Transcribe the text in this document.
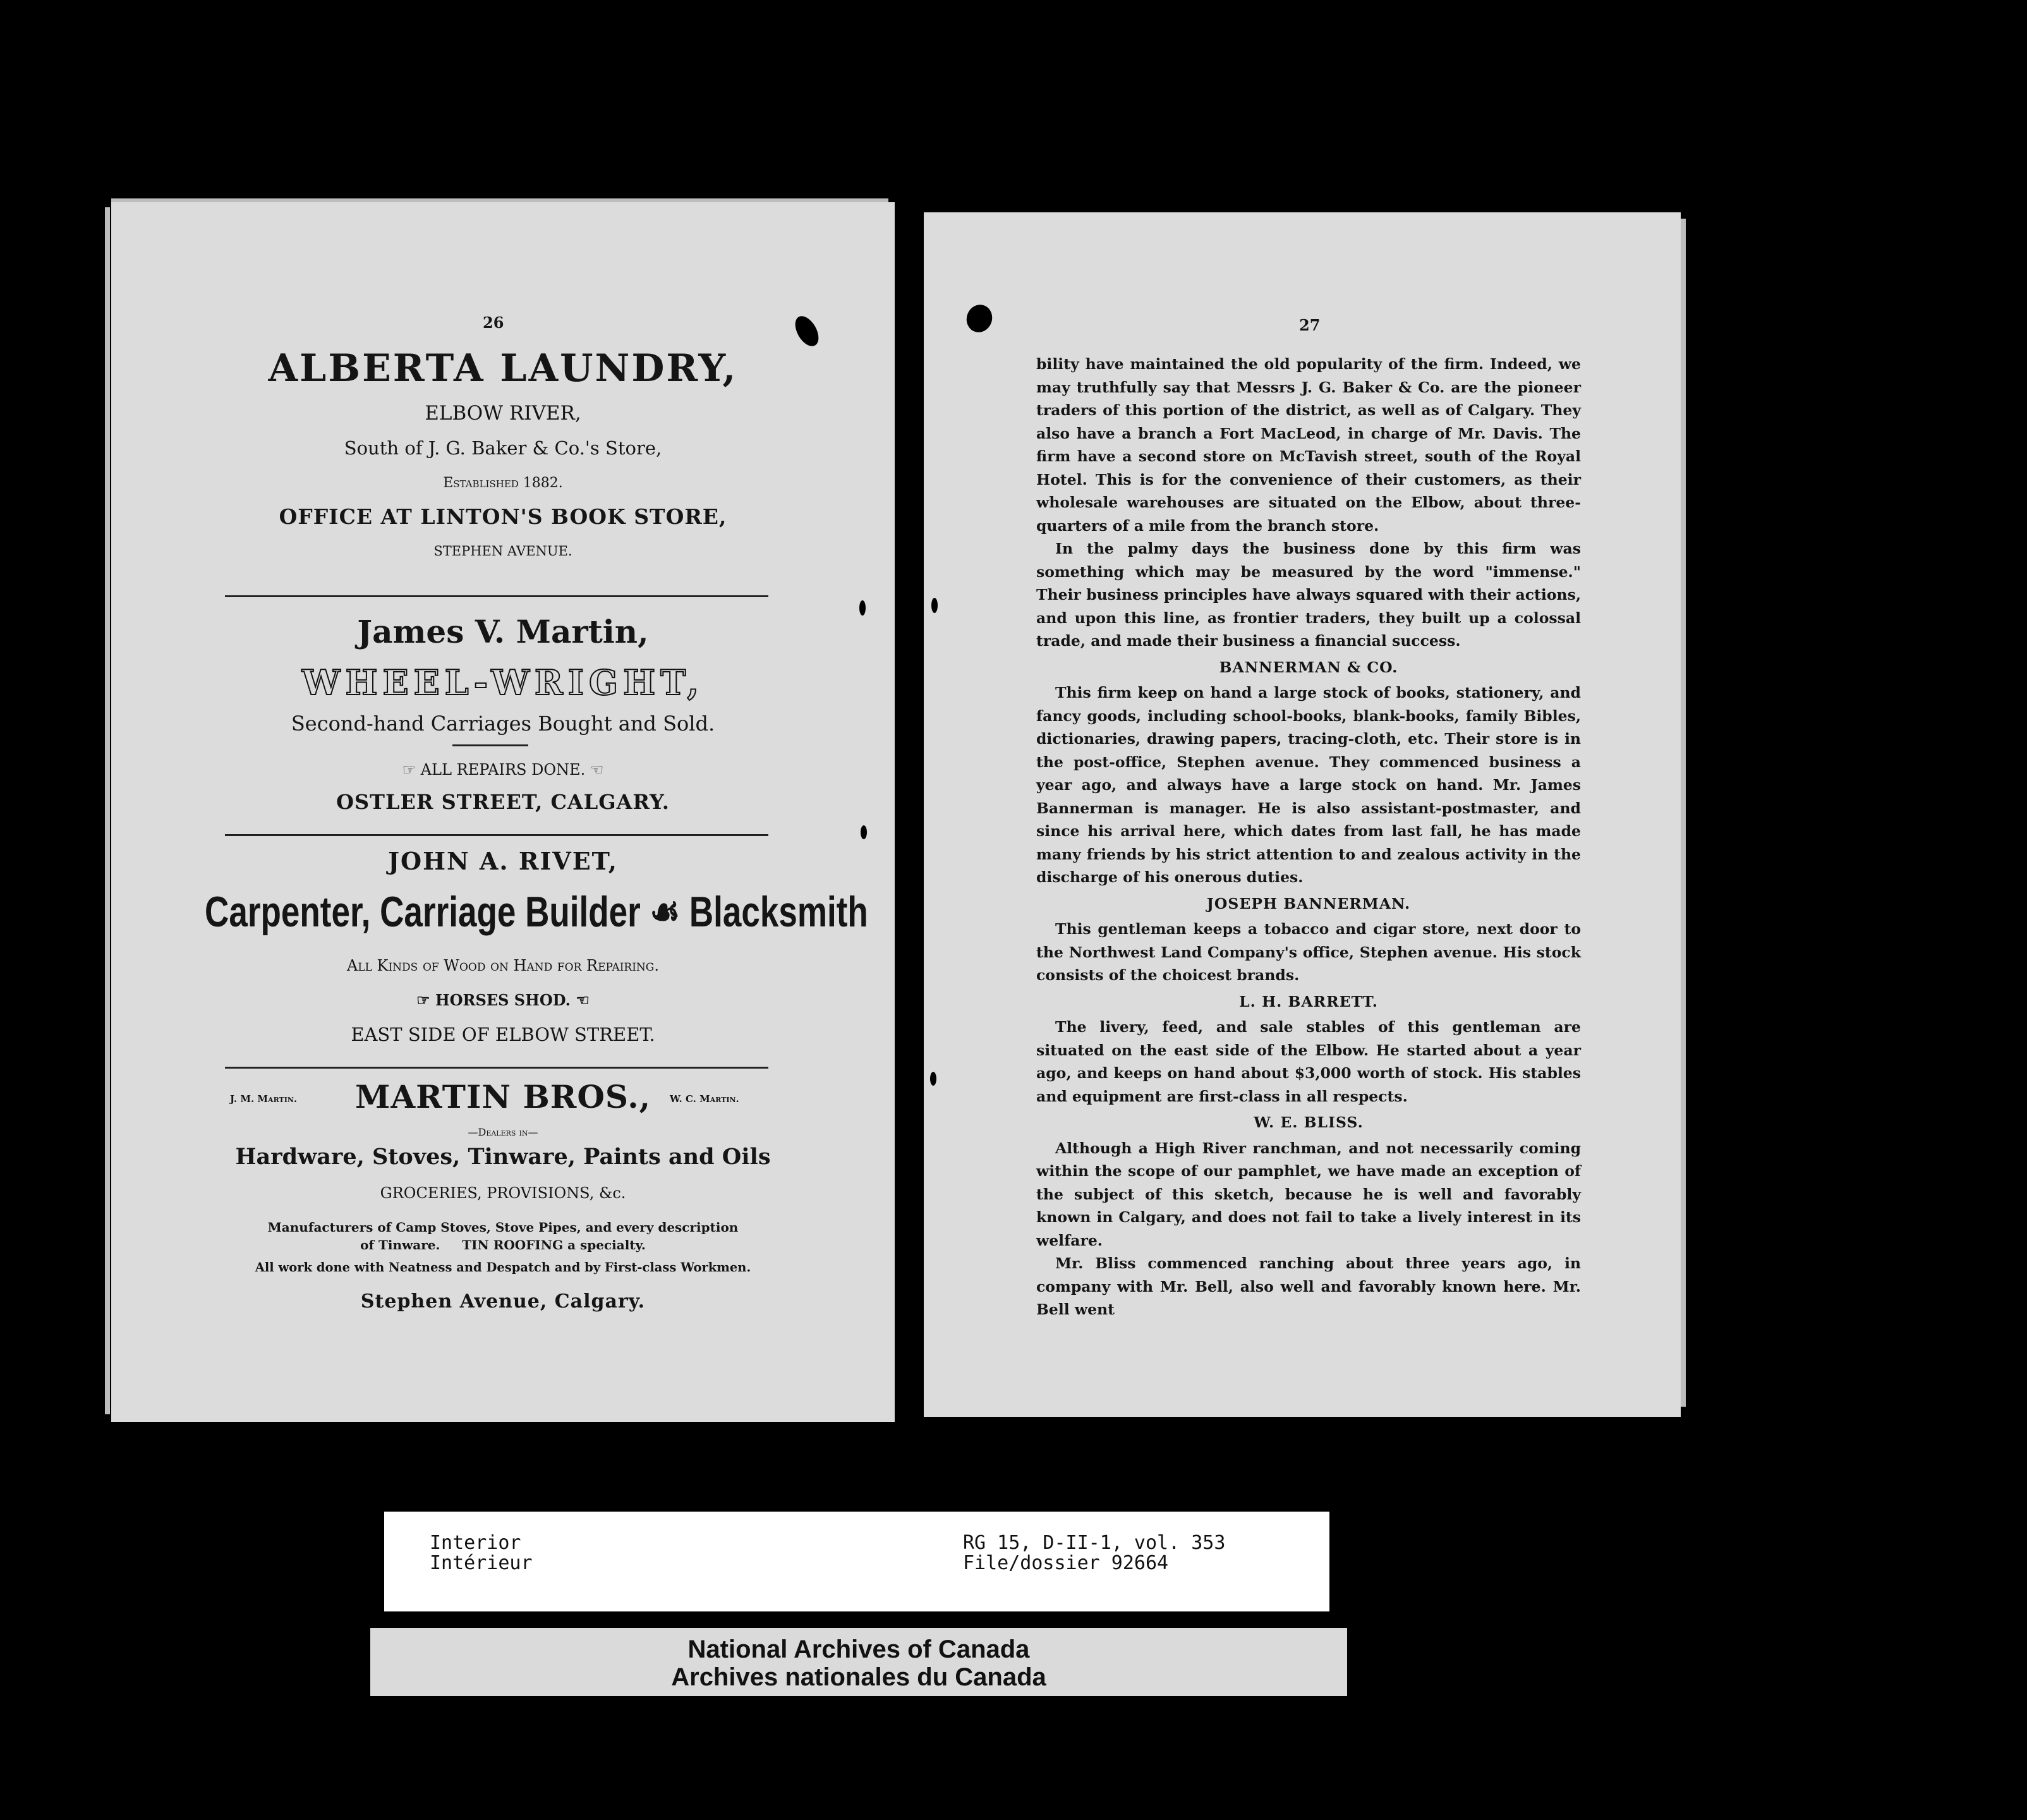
26
ALBERTA LAUNDRY,
ELBOW RIVER,
South of J. G. Baker & Co.'s Store,
Established 1882.
OFFICE AT LINTON'S BOOK STORE,
STEPHEN AVENUE.
James V. Martin,
WHEEL-WRIGHT,
Second-hand Carriages Bought and Sold.
☞ ALL REPAIRS DONE. ☜
OSTLER STREET, CALGARY.
JOHN A. RIVET,
Carpenter, Carriage Builder ☙ Blacksmith
All Kinds of Wood on Hand for Repairing.
☞ HORSES SHOD. ☜
EAST SIDE OF ELBOW STREET.
J. M. Martin.	MARTIN BROS.,	W. C. Martin.
—Dealers in—
Hardware, Stoves, Tinware, Paints and Oils
GROCERIES, PROVISIONS, &c.
Manufacturers of Camp Stoves, Stove Pipes, and every description
of Tinware.     TIN ROOFING a specialty.
All work done with Neatness and Despatch and by First-class Workmen.
Stephen Avenue, Calgary.
27

bility have maintained the old popularity of the firm. Indeed, we may truthfully say that Messrs J. G. Baker & Co. are the pioneer traders of this portion of the district, as well as of Calgary. They also have a branch a Fort MacLeod, in charge of Mr. Davis. The firm have a second store on McTavish street, south of the Royal Hotel. This is for the convenience of their customers, as their wholesale warehouses are situated on the Elbow, about three-quarters of a mile from the branch store.

In the palmy days the business done by this firm was something which may be measured by the word "immense." Their business principles have always squared with their actions, and upon this line, as frontier traders, they built up a colossal trade, and made their business a financial success.

BANNERMAN & CO.

This firm keep on hand a large stock of books, stationery, and fancy goods, including school-books, blank-books, family Bibles, dictionaries, drawing papers, tracing-cloth, etc. Their store is in the post-office, Stephen avenue. They commenced business a year ago, and always have a large stock on hand. Mr. James Bannerman is manager. He is also assistant-postmaster, and since his arrival here, which dates from last fall, he has made many friends by his strict attention to and zealous activity in the discharge of his onerous duties.

JOSEPH BANNERMAN.

This gentleman keeps a tobacco and cigar store, next door to the Northwest Land Company's office, Stephen avenue. His stock consists of the choicest brands.

L. H. BARRETT.

The livery, feed, and sale stables of this gentleman are situated on the east side of the Elbow. He started about a year ago, and keeps on hand about $3,000 worth of stock. His stables and equipment are first-class in all respects.

W. E. BLISS.

Although a High River ranchman, and not necessarily coming within the scope of our pamphlet, we have made an exception of the subject of this sketch, because he is well and favorably known in Calgary, and does not fail to take a lively interest in its welfare.

Mr. Bliss commenced ranching about three years ago, in company with Mr. Bell, also well and favorably known here. Mr. Bell went

Interior
Intérieur
RG 15, D-II-1, vol. 353
File/dossier 92664
National Archives of Canada
Archives nationales du Canada
